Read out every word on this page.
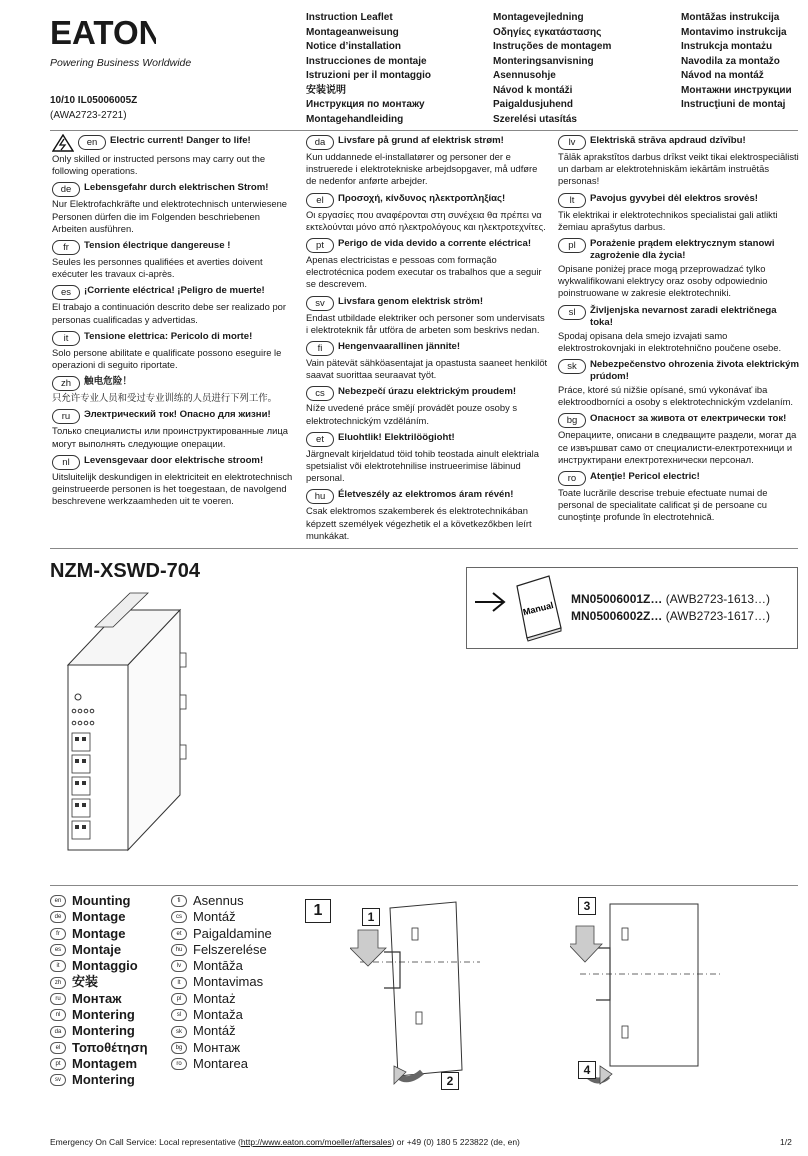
EATON
Powering Business Worldwide
10/10 IL05006005Z
(AWA2723-2721)
Instruction Leaflet
Montageanweisung
Notice d’installation
Instrucciones de montaje
Istruzioni per il montaggio
安装说明
Инструкция по монтажу
Montagehandleiding
Montagevejledning
Οδηγίες εγκατάστασης
Instruções de montagem
Monteringsanvisning
Asennusohje
Návod k montáži
Paigaldusjuhend
Szerelési utasítás
Montāžas instrukcija
Montavimo instrukcija
Instrukcja montażu
Navodila za montažo
Návod na montáž
Монтажни инструкции
Instrucţiuni de montaj
en	Electric current! Danger to life!
Only skilled or instructed persons may carry out the following operations.
de	Lebensgefahr durch elektrischen Strom!
Nur Elektrofachkräfte und elektrotechnisch unterwiesene Personen dürfen die im Folgenden beschriebenen Arbeiten ausführen.
fr	Tension électrique dangereuse !
Seules les personnes qualifiées et averties doivent exécuter les travaux ci-après.
es	¡Corriente eléctrica! ¡Peligro de muerte!
El trabajo a continuación descrito debe ser realizado por personas cualificadas y advertidas.
it	Tensione elettrica: Pericolo di morte!
Solo persone abilitate e qualificate possono eseguire le operazioni di seguito riportate.
zh	触电危险！
只允许专业人员和受过专业训练的人员进行下列工作。
ru	Электрический ток! Опасно для жизни!
Только специалисты или проинструктированные лица могут выполнять следующие операции.
nl	Levensgevaar door elektrische stroom!
Uitsluitelijk deskundigen in elektriciteit en elektrotechnisch geinstrueerde personen is het toegestaan, de navolgend beschrevene werkzaamheden uit te voeren.
da	Livsfare på grund af elektrisk strøm!
Kun uddannede el-installatører og personer der e instruerede i elektrotekniske arbejdsopgaver, må udføre de nedenfor anførte arbejder.
el	Προσοχή, κίνδυνος ηλεκτροπληξίας!
Οι εργασίες που αναφέρονται στη συνέχεια θα πρέπει να εκτελούνται μόνο από ηλεκτρολόγους και ηλεκτροτεχνίτες.
pt	Perigo de vida devido a corrente eléctrica!
Apenas electricistas e pessoas com formação electrotécnica podem executar os trabalhos que a seguir se descrevem.
sv	Livsfara genom elektrisk ström!
Endast utbildade elektriker och personer som undervisats i elektroteknik får utföra de arbeten som beskrivs nedan.
fi	Hengenvaarallinen jännite!
Vain pätevät sähköasentajat ja opastusta saaneet henkilöt saavat suorittaa seuraavat työt.
cs	Nebezpečí úrazu elektrickým proudem!
Níže uvedené práce smějí provádět pouze osoby s elektrotechnickým vzděláním.
et	Eluohtlik! Elektrilöögioht!
Järgnevalt kirjeldatud töid tohib teostada ainult elektriala spetsialist või elektrotehnilise instrueerimise läbinud personal.
hu	Életveszély az elektromos áram révén!
Csak elektromos szakemberek és elektrotechnikában képzett személyek végezhetik el a következőkben leírt munkákat.
lv	Elektriskā strāva apdraud dzīvību!
Tālāk aprakstītos darbus drīkst veikt tikai elektrospeciālisti un darbam ar elektrotehniskām iekārtām instruētās personas!
lt	Pavojus gyvybei dėl elektros srovės!
Tik elektrikai ir elektrotechnikos specialistai gali atlikti žemiau aprašytus darbus.
pl	Porażenie prądem elektrycznym stanowi zagrożenie dla życia!
Opisane poniżej prace mogą przeprowadzać tylko wykwalifikowani elektrycy oraz osoby odpowiednio poinstruowane w zakresie elektrotechniki.
sl	Življenjska nevarnost zaradi električnega toka!
Spodaj opisana dela smejo izvajati samo elektrostrokovnjaki in elektrotehnično poučene osebe.
sk	Nebezpečenstvo ohrozenia života elektrickým prúdom!
Práce, ktoré sú nižšie opísané, smú vykonávať iba elektroodborníci a osoby s elektrotechnickým vzdelaním.
bg	Опасност за живота от електрически ток!
Операциите, описани в следващите раздели, могат да се извършват само от специалисти-електротехници и инструктирани електротехнически персонал.
ro	Atenţie! Pericol electric!
Toate lucrările descrise trebuie efectuate numai de personal de specialitate calificat şi de persoane cu cunoştinţe profunde în electrotehnică.
NZM-XSWD-704
Manual
MN05006001Z… (AWB2723-1613…)
MN05006002Z… (AWB2723-1617…)
en Mounting
de Montage
fr Montage
es Montaje
it Montaggio
zh 安装
ru Монтаж
nl Montering
da Montering
el Τοποθέτηση
pt Montagem
sv Montering
fi Asennus
cs Montáž
et Paigaldamine
hu Felszerelése
lv Montāža
lt Montavimas
pl Montaż
sl Montaža
sk Montáž
bg Монтаж
ro Montarea
1	1
2
3
4
Emergency On Call Service: Local representative (http://www.eaton.com/moeller/aftersales) or +49 (0) 180 5 223822 (de, en)	1/2
